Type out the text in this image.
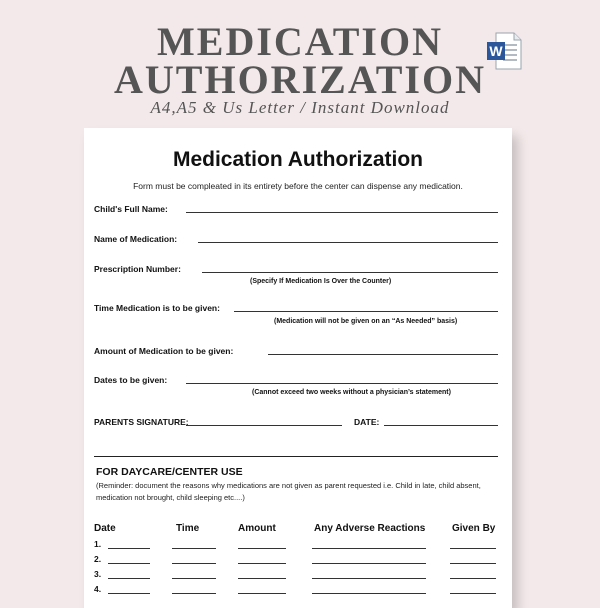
MEDICATION
AUTHORIZATION
A4,A5 & Us Letter / Instant Download
W
Medication Authorization
Form must be compleated in its entirety before the center can dispense any medication.
Child's Full Name:
Name of Medication:
Prescription Number:
(Specify If Medication Is Over the Counter)
Time Medication is to be given:
(Medication will not be given on an “As Needed” basis)
Amount of Medication to be given:
Dates to be given:
(Cannot exceed two weeks without a physician’s statement)
PARENTS SIGNATURE:	DATE:
FOR DAYCARE/CENTER USE
(Reminder: document the reasons why medications are not given as parent requested i.e. Child in late, child absent, medication not brought, child sleeping etc....)
Date	Time	Amount	Any Adverse Reactions	Given By
1.
2.
3.
4.
